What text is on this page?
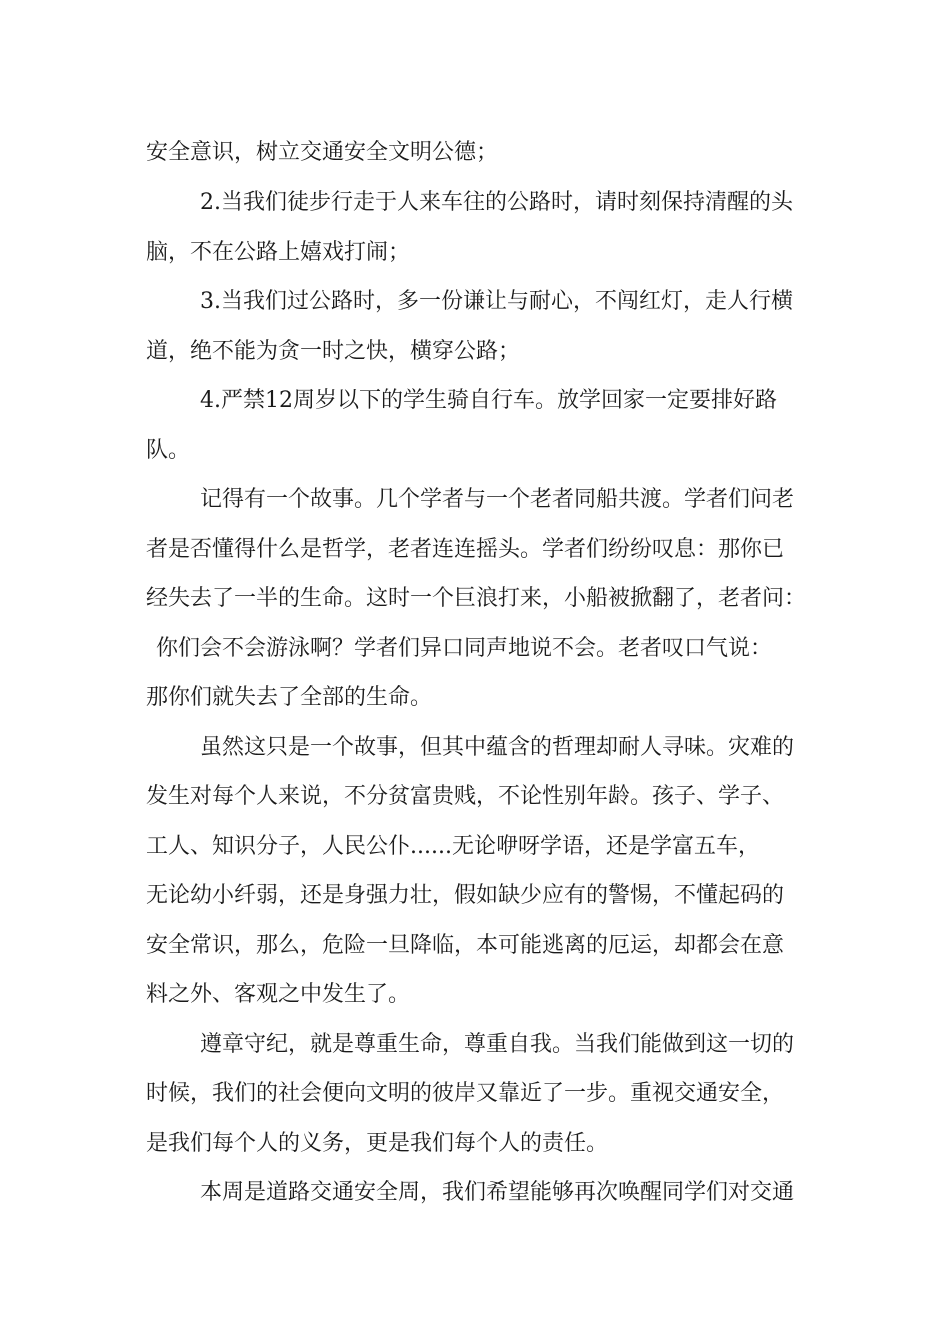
安全意识，树立交通安全文明公德；
2.当我们徒步行走于人来车往的公路时，请时刻保持清醒的头
脑，不在公路上嬉戏打闹；
3.当我们过公路时，多一份谦让与耐心，不闯红灯，走人行横
道，绝不能为贪一时之快，横穿公路；
4.严禁12周岁以下的学生骑自行车。放学回家一定要排好路
队。
记得有一个故事。几个学者与一个老者同船共渡。学者们问老
者是否懂得什么是哲学，老者连连摇头。学者们纷纷叹息：那你已
经失去了一半的生命。这时一个巨浪打来，小船被掀翻了，老者问：
你们会不会游泳啊？学者们异口同声地说不会。老者叹口气说：
那你们就失去了全部的生命。
虽然这只是一个故事，但其中蕴含的哲理却耐人寻味。灾难的
发生对每个人来说，不分贫富贵贱，不论性别年龄。孩子、学子、
工人、知识分子，人民公仆......无论咿呀学语，还是学富五车，
无论幼小纤弱，还是身强力壮，假如缺少应有的警惕，不懂起码的
安全常识，那么，危险一旦降临，本可能逃离的厄运，却都会在意
料之外、客观之中发生了。
遵章守纪，就是尊重生命，尊重自我。当我们能做到这一切的
时候，我们的社会便向文明的彼岸又靠近了一步。重视交通安全，
是我们每个人的义务，更是我们每个人的责任。
本周是道路交通安全周，我们希望能够再次唤醒同学们对交通
